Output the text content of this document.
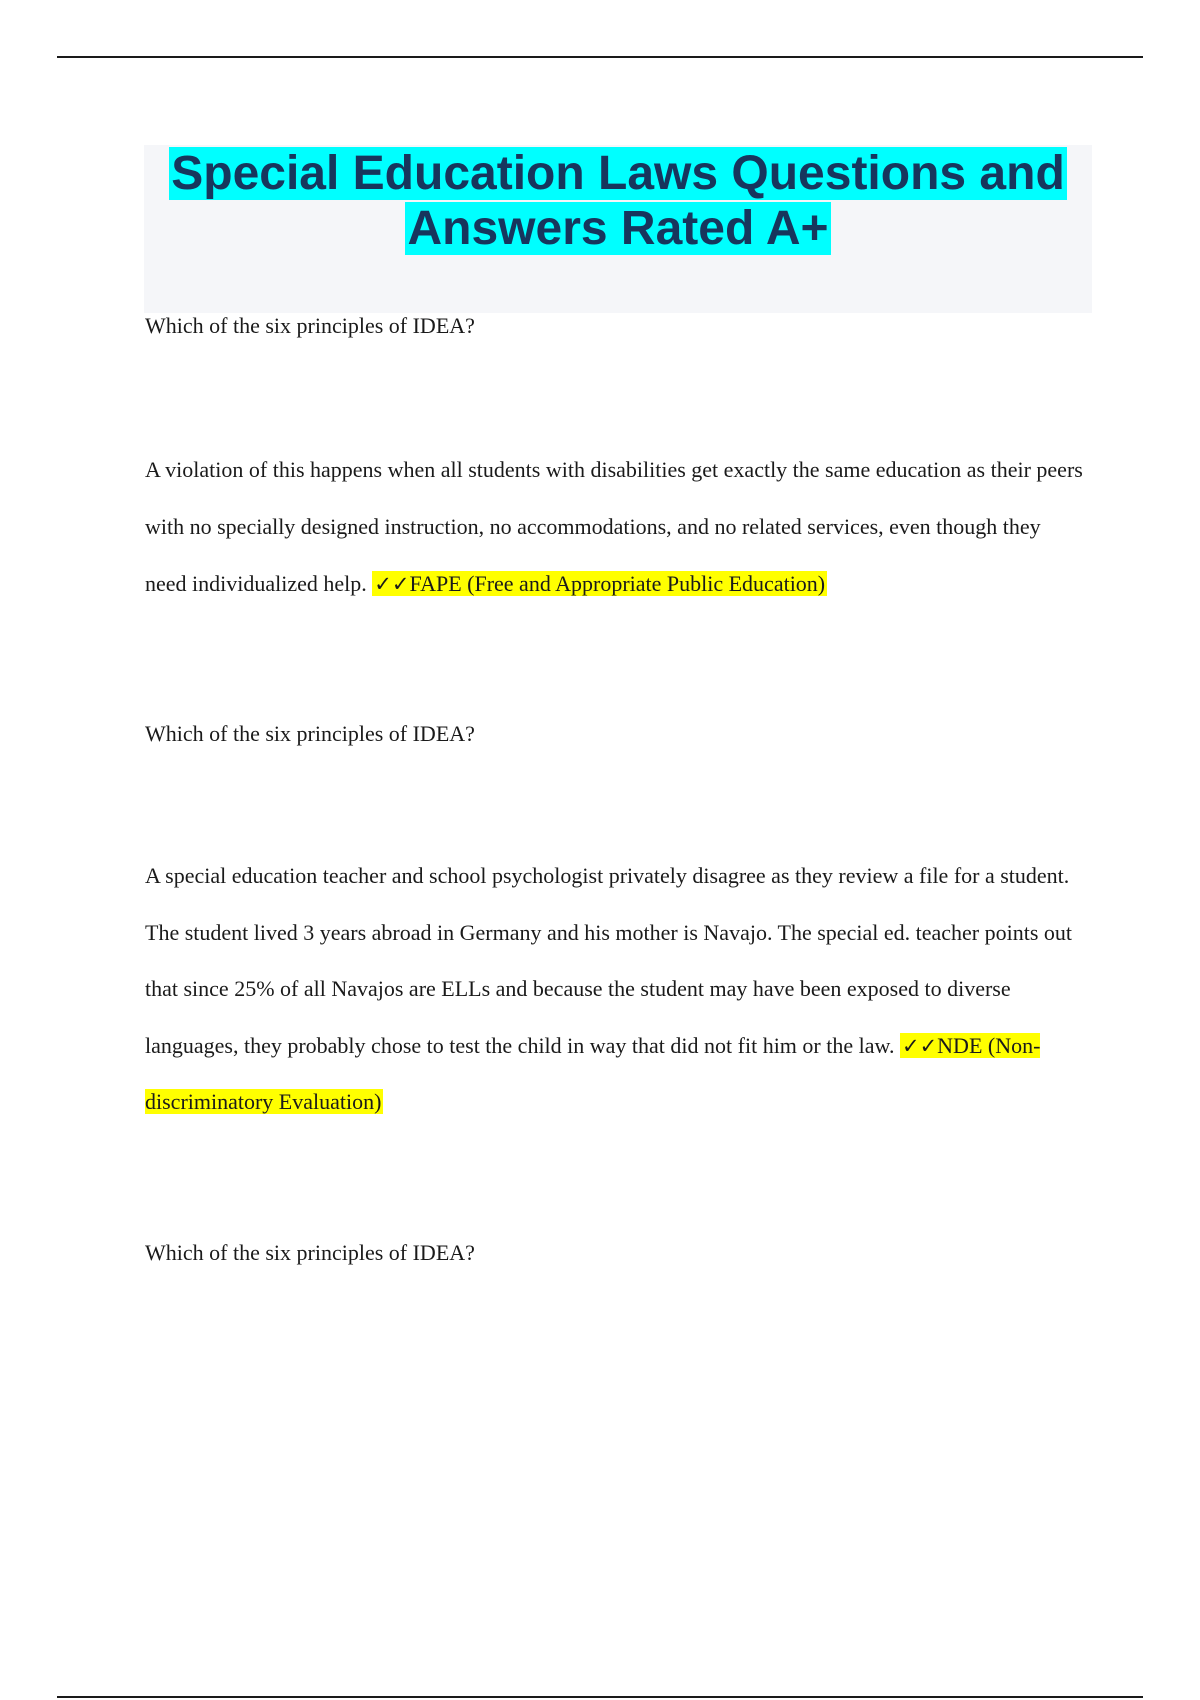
Special Education Laws Questions and Answers Rated A+

Which of the six principles of IDEA?

A violation of this happens when all students with disabilities get exactly the same education as their peers with no specially designed instruction, no accommodations, and no related services, even though they need individualized help. ✓✓FAPE (Free and Appropriate Public Education)

Which of the six principles of IDEA?

A special education teacher and school psychologist privately disagree as they review a file for a student. The student lived 3 years abroad in Germany and his mother is Navajo. The special ed. teacher points out that since 25% of all Navajos are ELLs and because the student may have been exposed to diverse languages, they probably chose to test the child in way that did not fit him or the law. ✓✓NDE (Non-discriminatory Evaluation)

Which of the six principles of IDEA?
